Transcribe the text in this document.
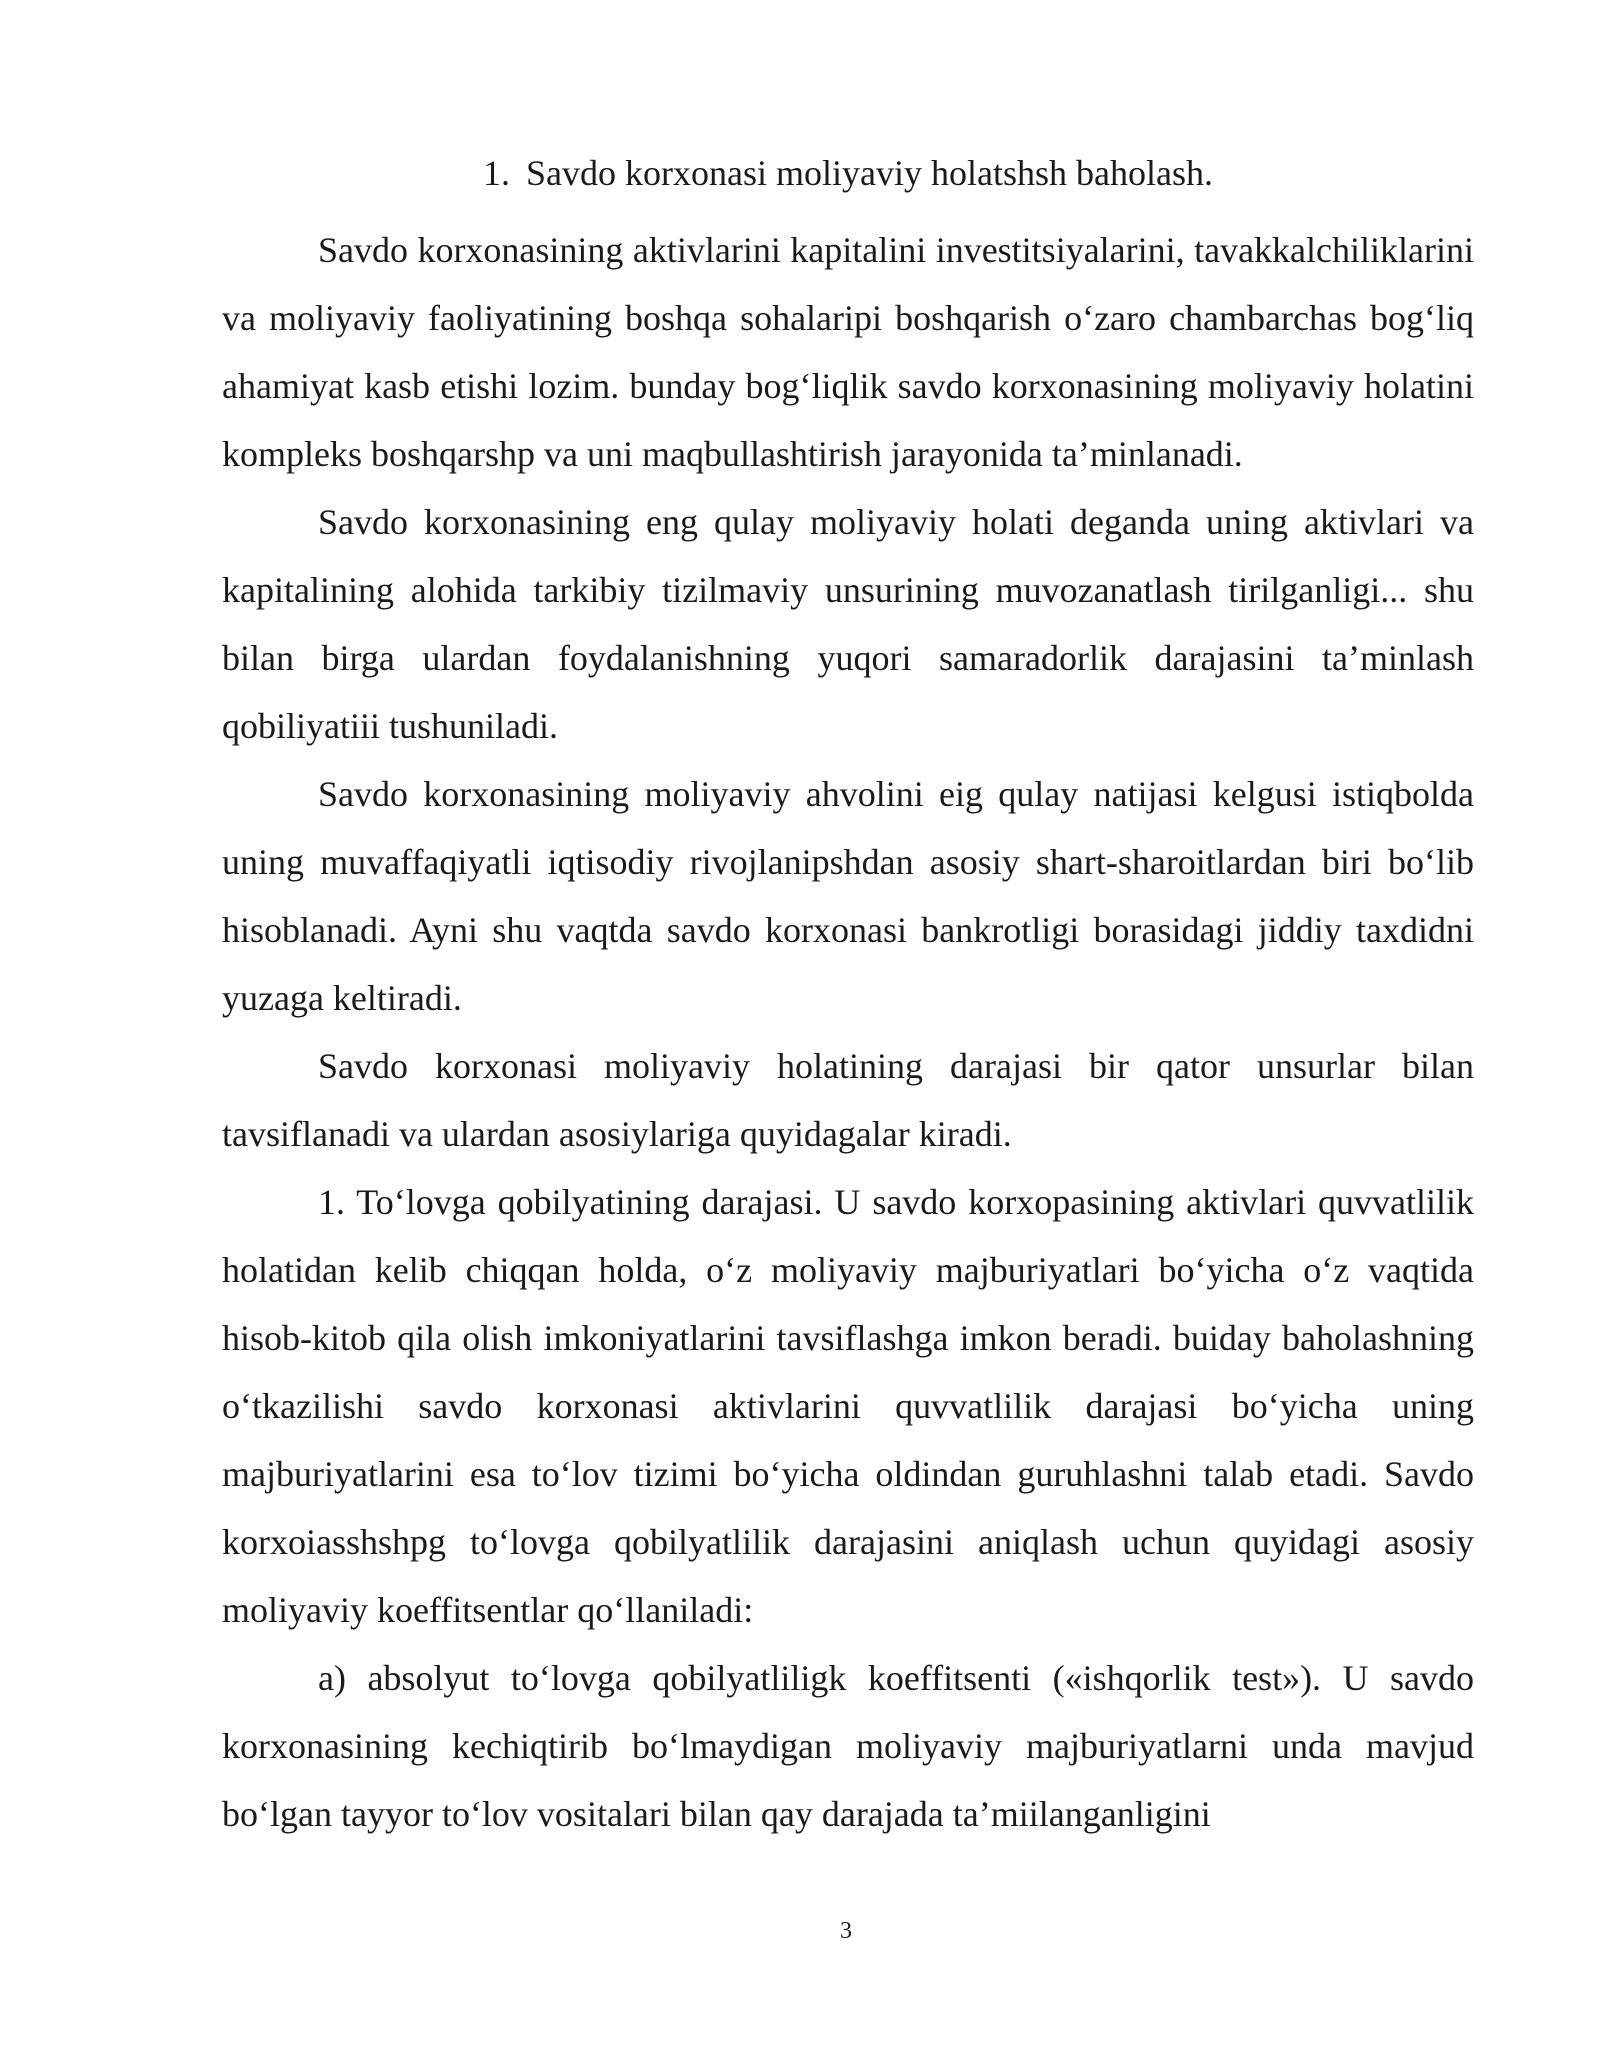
1. Savdo korxonasi moliyaviy holatshsh baholash.

Savdo korxonasining aktivlarini kapitalini investitsiyalarini, tavakkalchiliklarini va moliyaviy faoliyatining boshqa sohalaripi boshqarish o‘zaro chambarchas bog‘liq ahamiyat kasb etishi lozim. bunday bog‘liqlik savdo korxonasining moliyaviy holatini kompleks boshqarshp va uni maqbullashtirish jarayonida ta’minlanadi.

Savdo korxonasining eng qulay moliyaviy holati deganda uning aktivlari va kapitalining alohida tarkibiy tizilmaviy unsurining muvozanatlash tirilganligi... shu bilan birga ulardan foydalanishning yuqori samaradorlik darajasini ta’minlash qobiliyatiii tushuniladi.

Savdo korxonasining moliyaviy ahvolini eig qulay natijasi kelgusi istiqbolda uning muvaffaqiyatli iqtisodiy rivojlanipshdan asosiy shart-sharoitlardan biri bo‘lib hisoblanadi. Ayni shu vaqtda savdo korxonasi bankrotligi borasidagi jiddiy taxdidni yuzaga keltiradi.

Savdo korxonasi moliyaviy holatining darajasi bir qator unsurlar bilan tavsiflanadi va ulardan asosiylariga quyidagalar kiradi.

1. To‘lovga qobilyatining darajasi. U savdo korxopasining aktivlari quvvatlilik holatidan kelib chiqqan holda, o‘z moliyaviy majburiyatlari bo‘yicha o‘z vaqtida hisob-kitob qila olish imkoniyatlarini tavsiflashga imkon beradi. buiday baholashning o‘tkazilishi savdo korxonasi aktivlarini quvvatlilik darajasi bo‘yicha uning majburiyatlarini esa to‘lov tizimi bo‘yicha oldindan guruhlashni talab etadi. Savdo korxoiasshshpg to‘lovga qobilyatlilik darajasini aniqlash uchun quyidagi asosiy moliyaviy koeffitsentlar qo‘llaniladi:

a) absolyut to‘lovga qobilyatliligk koeffitsenti («ishqorlik test»). U savdo korxonasining kechiqtirib bo‘lmaydigan moliyaviy majburiyatlarni unda mavjud bo‘lgan tayyor to‘lov vositalari bilan qay darajada ta’miilanganligini

3
